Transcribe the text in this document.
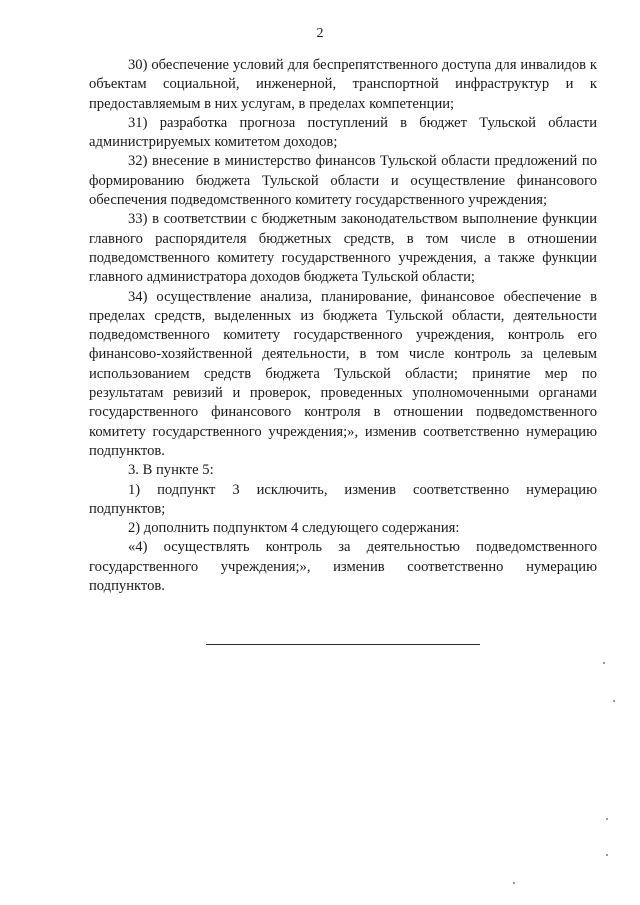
2

30) обеспечение условий для беспрепятственного доступа для инвалидов к объектам социальной, инженерной, транспортной инфраструктур и к предоставляемым в них услугам, в пределах компетенции;

31) разработка прогноза поступлений в бюджет Тульской области администрируемых комитетом доходов;

32) внесение в министерство финансов Тульской области предложений по формированию бюджета Тульской области и осуществление финансового обеспечения подведомственного комитету государственного учреждения;

33) в соответствии с бюджетным законодательством выполнение функции главного распорядителя бюджетных средств, в том числе в отношении подведомственного комитету государственного учреждения, а также функции главного администратора доходов бюджета Тульской области;

34) осуществление анализа, планирование, финансовое обеспечение в пределах средств, выделенных из бюджета Тульской области, деятельности подведомственного комитету государственного учреждения, контроль его финансово-хозяйственной деятельности, в том числе контроль за целевым использованием средств бюджета Тульской области; принятие мер по результатам ревизий и проверок, проведенных уполномоченными органами государственного финансового контроля в отношении подведомственного комитету государственного учреждения;», изменив соответственно нумерацию подпунктов.

3. В пункте 5:

1) подпункт 3 исключить, изменив соответственно нумерацию подпунктов;

2) дополнить подпунктом 4 следующего содержания:

«4) осуществлять контроль за деятельностью подведомственного государственного учреждения;», изменив соответственно нумерацию подпунктов.
